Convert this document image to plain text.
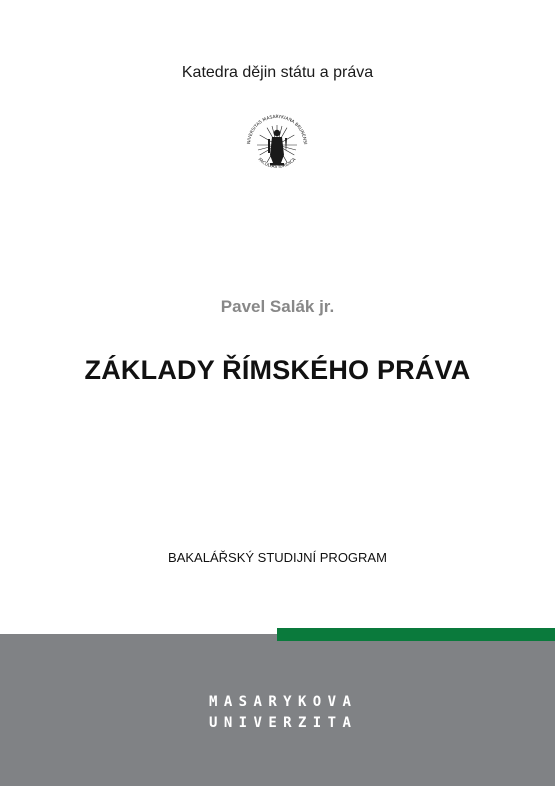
Katedra dějin státu a práva
NIVERSITAS MASARYKIANA BRUNENSI
FACULTAS IURIDICA
Pavel Salák jr.
ZÁKLADY ŘÍMSKÉHO PRÁVA
BAKALÁŘSKÝ STUDIJNÍ PROGRAM
MASARYKOVA
UNIVERZITA
